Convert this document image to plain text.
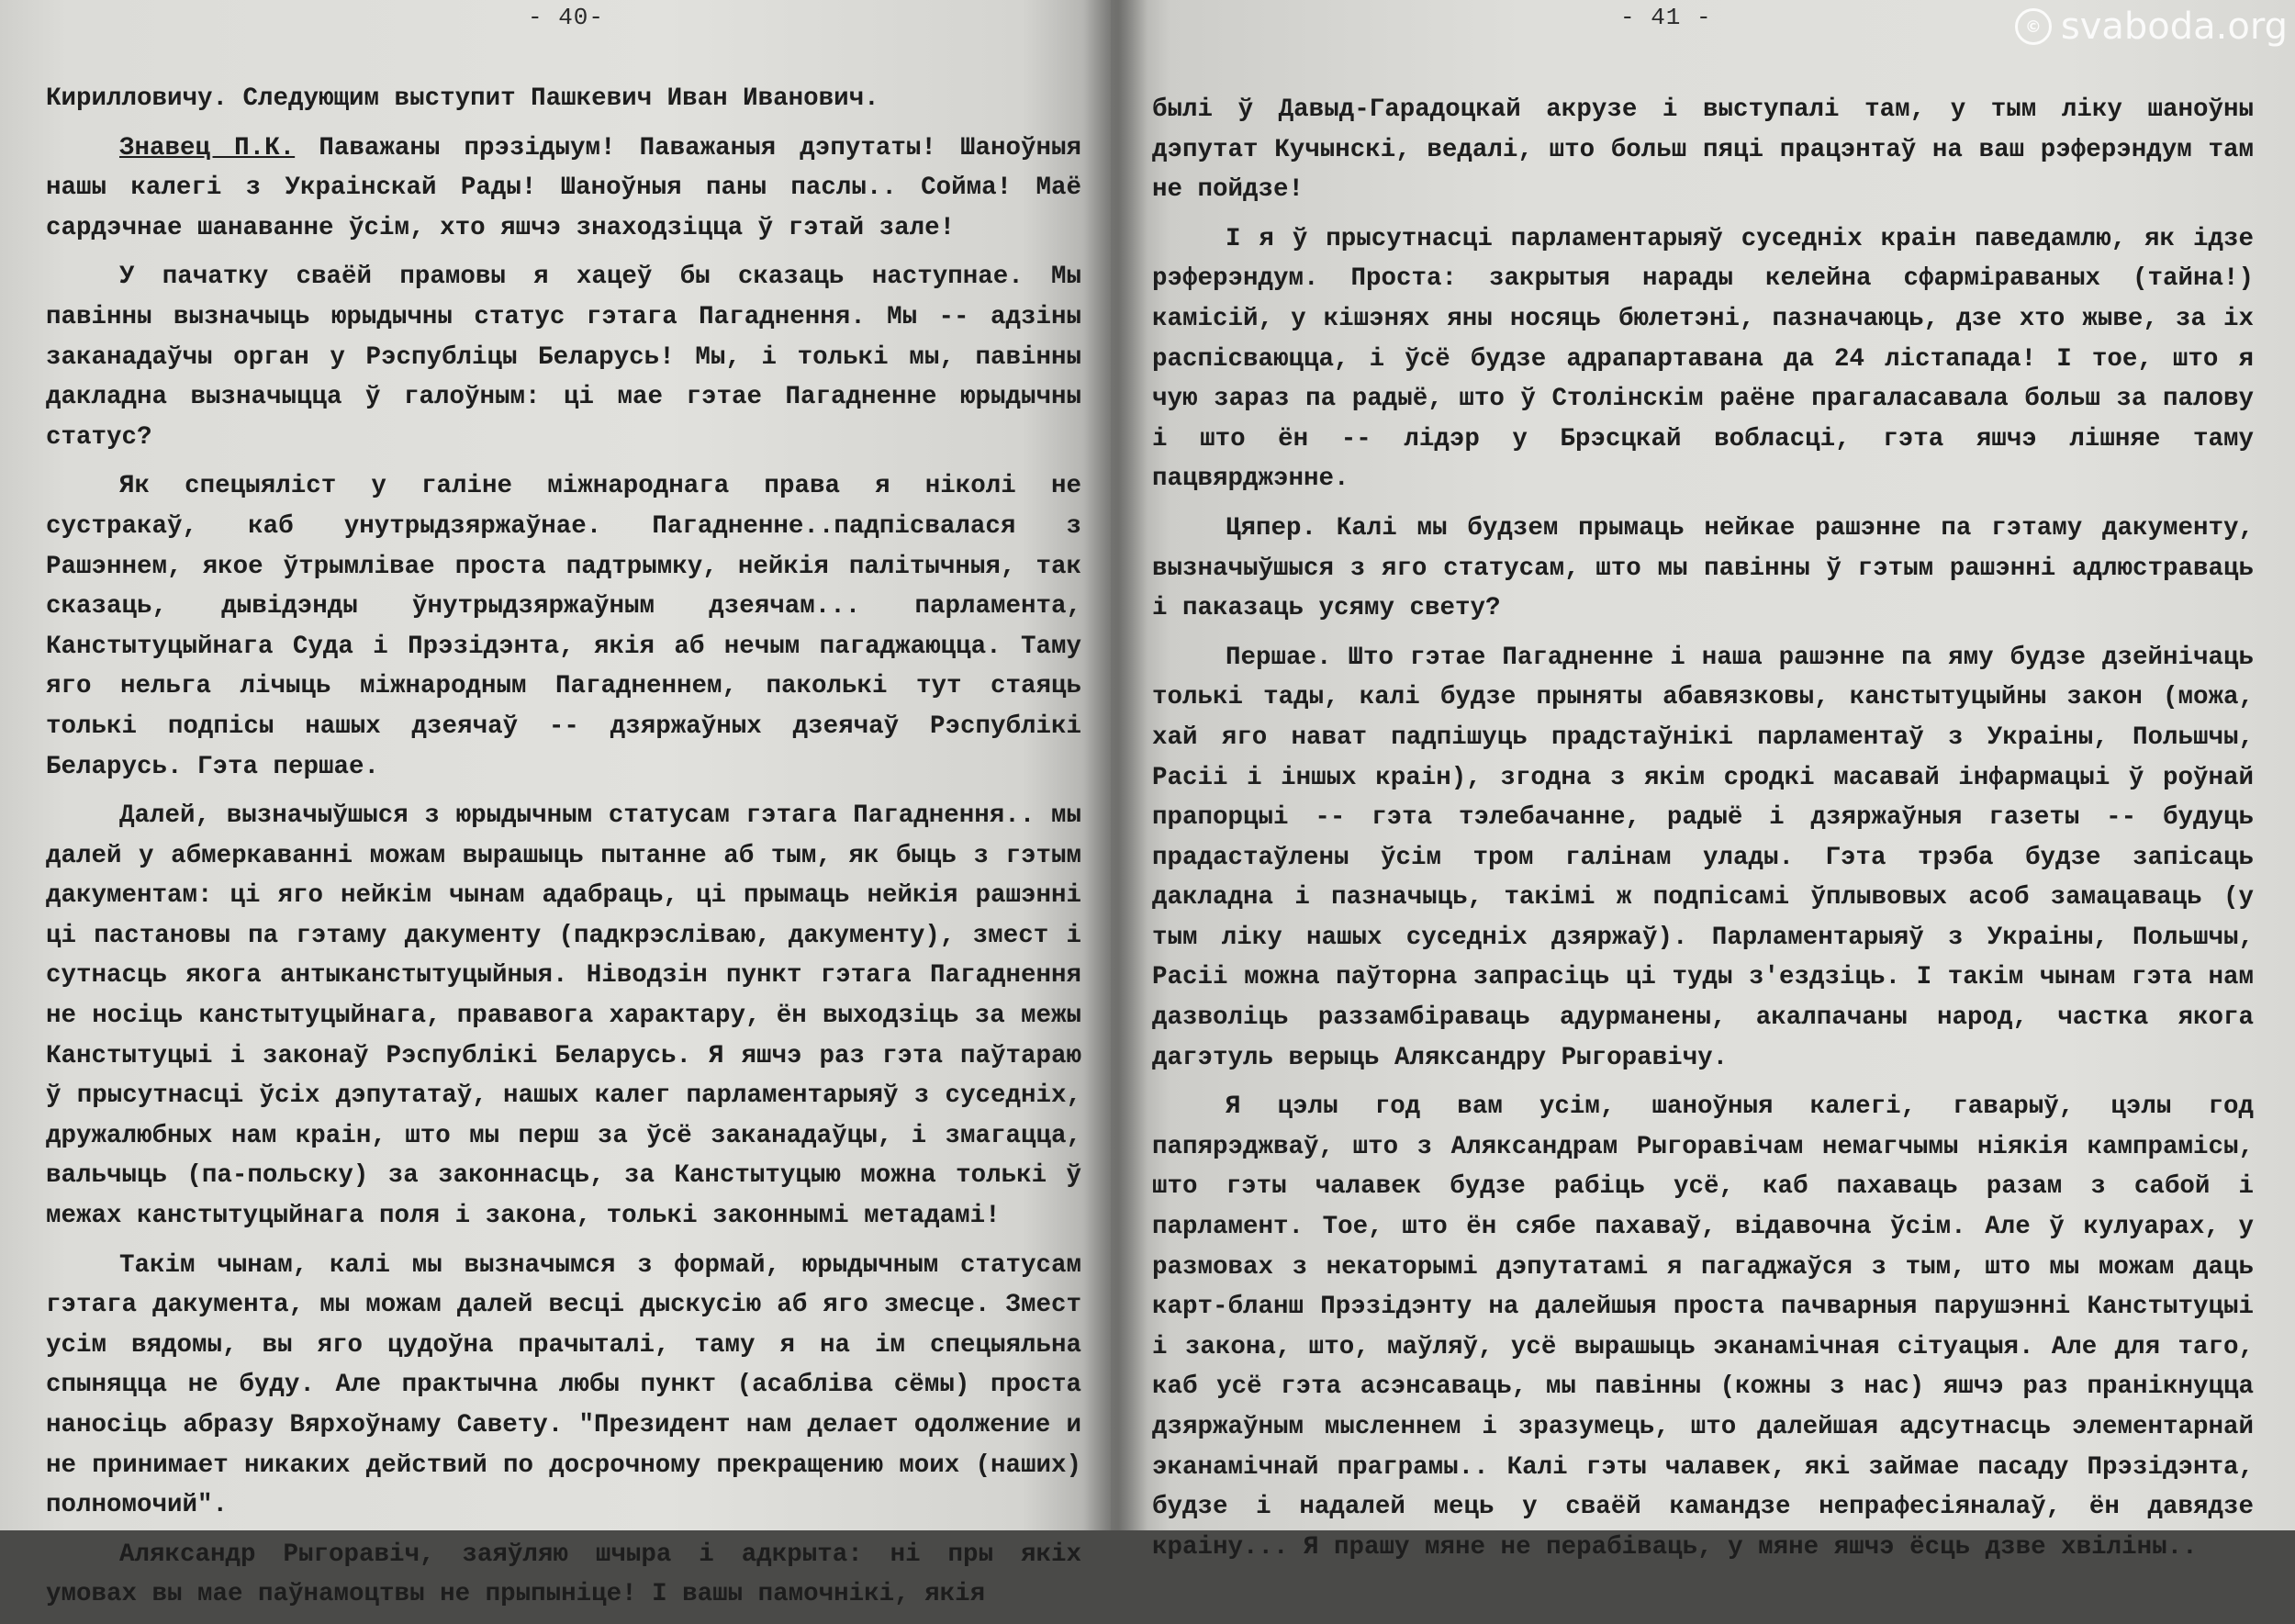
- 40-

Кирилловичу. Следующим выступит Пашкевич Иван Иванович.

Знавец П.К. Паважаны прэзідыум! Паважаныя дэпутаты! Шаноўныя нашы калегі з Украінскай Рады! Шаноўныя паны паслы.. Сойма! Маё сардэчнае шанаванне ўсім, хто яшчэ знаходзіцца ў гэтай зале!

У пачатку сваёй прамовы я хацеў бы сказаць наступнае. Мы павінны вызначыць юрыдычны статус гэтага Пагаднення. Мы -- адзіны заканадаўчы орган у Рэспубліцы Беларусь! Мы, і толькі мы, павінны дакладна вызначыцца ў галоўным: ці мае гэтае Пагадненне юрыдычны статус?

Як спецыяліст у галіне міжнароднага права я ніколі не сустракаў, каб унутрыдзяржаўнае. Пагадненне..падпісвалася з Рашэннем, якое ўтрымлівае проста падтрымку, нейкія палітычныя, так сказаць, дывідэнды ўнутрыдзяржаўным дзеячам... парламента, Канстытуцыйнага Суда і Прэзідэнта, якія аб нечым пагаджаюцца. Таму яго нельга лічыць міжнародным Пагадненнем, паколькі тут стаяць толькі подпісы нашых дзеячаў -- дзяржаўных дзеячаў Рэспублікі Беларусь. Гэта першае.

Далей, вызначыўшыся з юрыдычным статусам гэтага Пагаднення.. мы далей у абмеркаванні можам вырашыць пытанне аб тым, як быць з гэтым дакументам: ці яго нейкім чынам адабраць, ці прымаць нейкія рашэнні ці пастановы па гэтаму дакументу (падкрэсліваю, дакументу), змест і сутнасць якога антыканстытуцыйныя. Ніводзін пункт гэтага Пагаднення не носіць канстытуцыйнага, прававога характару, ён выходзіць за межы Канстытуцыі і законаў Рэспублікі Беларусь. Я яшчэ раз гэта паўтараю ў прысутнасці ўсіх дэпутатаў, нашых калег парламентарыяў з суседніх, дружалюбных нам краін, што мы перш за ўсё заканадаўцы, і змагацца, вальчыць (па-польску) за законнасць, за Канстытуцыю можна толькі ў межах канстытуцыйнага поля і закона, толькі законнымі метадамі!

Такім чынам, калі мы вызначымся з формай, юрыдычным статусам гэтага дакумента, мы можам далей весці дыскусію аб яго змесце. Змест усім вядомы, вы яго цудоўна прачыталі, таму я на ім спецыяльна спыняцца не буду. Але практычна любы пункт (асабліва сёмы) проста наносіць абразу Вярхоўнаму Савету. "Президент нам делает одолжение и не принимает никаких действий по досрочному прекращению моих (наших) полномочий".

Аляксандр Рыгоравіч, заяўляю шчыра і адкрыта: ні пры якіх умовах вы мае паўнамоцтвы не прыпыніце! І вашы памочнікі, якія

- 41 -

былі ў Давыд-Гарадоцкай акрузе і выступалі там, у тым ліку шаноўны дэпутат Кучынскі, ведалі, што больш пяці працэнтаў на ваш рэферэндум там не пойдзе!

І я ў прысутнасці парламентарыяў суседніх краін паведамлю, як ідзе рэферэндум. Проста: закрытыя нарады келейна сфарміраваных (тайна!) камісій, у кішэнях яны носяць бюлетэні, пазначаюць, дзе хто жыве, за іх распісваюцца, і ўсё будзе адрапартавана да 24 лістапада! І тое, што я чую зараз па радыё, што ў Столінскім раёне прагаласавала больш за палову і што ён -- лідэр у Брэсцкай вобласці, гэта яшчэ лішняе таму пацвярджэнне.

Цяпер. Калі мы будзем прымаць нейкае рашэнне па гэтаму дакументу, вызначыўшыся з яго статусам, што мы павінны ў гэтым рашэнні адлюстраваць і паказаць усяму свету?

Першае. Што гэтае Пагадненне і наша рашэнне па яму будзе дзейнічаць толькі тады, калі будзе прыняты абавязковы, канстытуцыйны закон (можа, хай яго нават падпішуць прадстаўнікі парламентаў з Украіны, Польшчы, Расіі і іншых краін), згодна з якім сродкі масавай інфармацыі ў роўнай прапорцыі -- гэта тэлебачанне, радыё і дзяржаўныя газеты -- будуць прадастаўлены ўсім тром галінам улады. Гэта трэба будзе запісаць дакладна і пазначыць, такімі ж подпісамі ўплывовых асоб замацаваць (у тым ліку нашых суседніх дзяржаў). Парламентарыяў з Украіны, Польшчы, Расіі можна паўторна запрасіць ці туды з'ездзіць. І такім чынам гэта нам дазволіць раззамбіраваць адурманены, акалпачаны народ, частка якога дагэтуль верыць Аляксандру Рыгоравічу.

Я цэлы год вам усім, шаноўныя калегі, гаварыў, цэлы год папярэджваў, што з Аляксандрам Рыгоравічам немагчымы ніякія кампрамісы, што гэты чалавек будзе рабіць усё, каб пахаваць разам з сабой і парламент. Тое, што ён сябе пахаваў, відавочна ўсім. Але ў кулуарах, у размовах з некаторымі дэпутатамі я пагаджаўся з тым, што мы можам даць карт-бланш Прэзідэнту на далейшыя проста пачварныя парушэнні Канстытуцыі і закона, што, маўляў, усё вырашыць эканамічная сітуацыя. Але для таго, каб усё гэта асэнсаваць, мы павінны (кожны з нас) яшчэ раз пранікнуцца дзяржаўным мысленнем і зразумець, што далейшая адсутнасць элементарнай эканамічнай праграмы.. Калі гэты чалавек, які займае пасаду Прэзідэнта, будзе і надалей мець у сваёй камандзе непрафесіяналаў, ён давядзе краіну... Я прашу мяне не перабіваць, у мяне яшчэ ёсць дзве хвіліны..

© svaboda.org
